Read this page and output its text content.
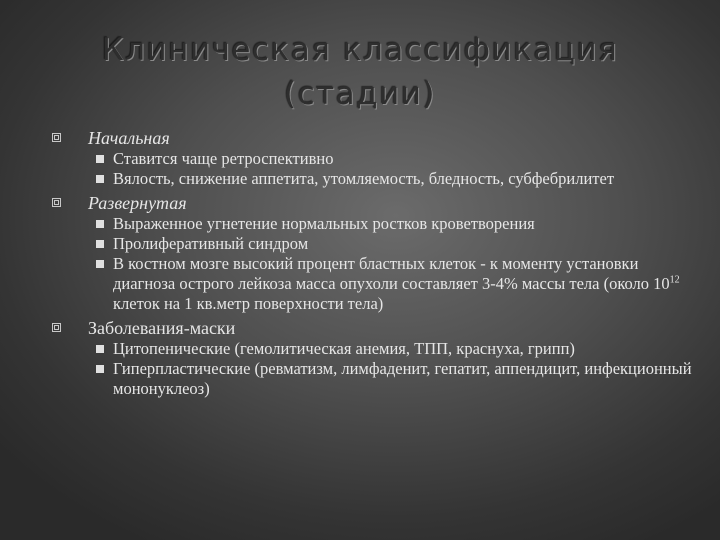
Клиническая классификация
(стадии)
Начальная
Ставится чаще ретроспективно
Вялость, снижение аппетита, утомляемость, бледность, субфебрилитет
Развернутая
Выраженное угнетение нормальных ростков кроветворения
Пролиферативный синдром
В костном мозге высокий процент бластных клеток - к моменту установки диагноза острого лейкоза масса опухоли составляет 3-4% массы тела (около $10^{12}$ клеток на 1 кв.метр поверхности тела)
Заболевания-маски
Цитопенические (гемолитическая анемия, ТПП, краснуха, грипп)
Гиперпластические (ревматизм, лимфаденит, гепатит, аппендицит, инфекционный мононуклеоз)
